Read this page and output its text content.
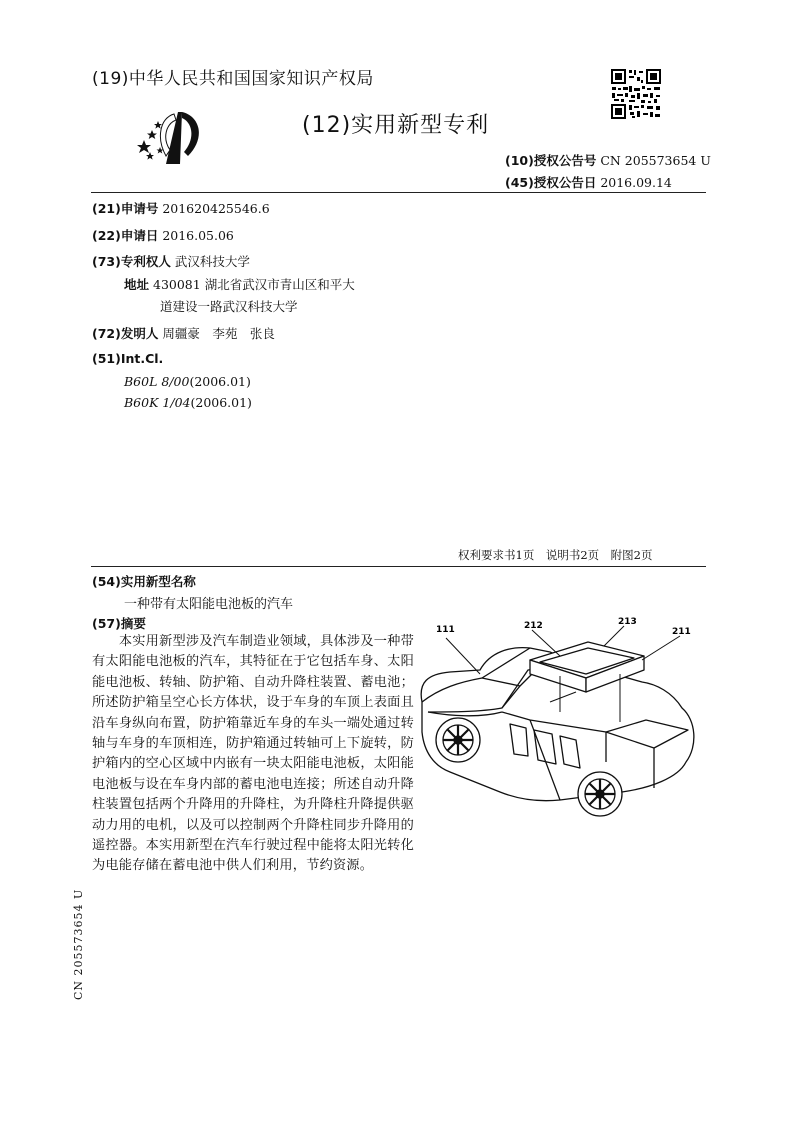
(19)中华人民共和国国家知识产权局
(12)实用新型专利
(10)授权公告号 CN 205573654 U
(45)授权公告日 2016.09.14
(21)申请号 201620425546.6
(22)申请日 2016.05.06
(73)专利权人 武汉科技大学
地址 430081 湖北省武汉市青山区和平大
道建设一路武汉科技大学
(72)发明人 周疆豪　李苑　张良
(51)Int.Cl.
B60L 8/00(2006.01)
B60K 1/04(2006.01)
权利要求书1页　说明书2页　附图2页
(54)实用新型名称
一种带有太阳能电池板的汽车
(57)摘要
　　本实用新型涉及汽车制造业领域，具体涉及一种带有太阳能电池板的汽车，其特征在于它包括车身、太阳能电池板、转轴、防护箱、自动升降柱装置、蓄电池；所述防护箱呈空心长方体状，设于车身的车顶上表面且沿车身纵向布置，防护箱靠近车身的车头一端处通过转轴与车身的车顶相连，防护箱通过转轴可上下旋转，防护箱内的空心区域中内嵌有一块太阳能电池板，太阳能电池板与设在车身内部的蓄电池电连接；所述自动升降柱装置包括两个升降用的升降柱，为升降柱升降提供驱动力用的电机，以及可以控制两个升降柱同步升降用的遥控器。本实用新型在汽车行驶过程中能将太阳光转化为电能存储在蓄电池中供人们利用，节约资源。
111	212	213
211
CN 205573654 U
